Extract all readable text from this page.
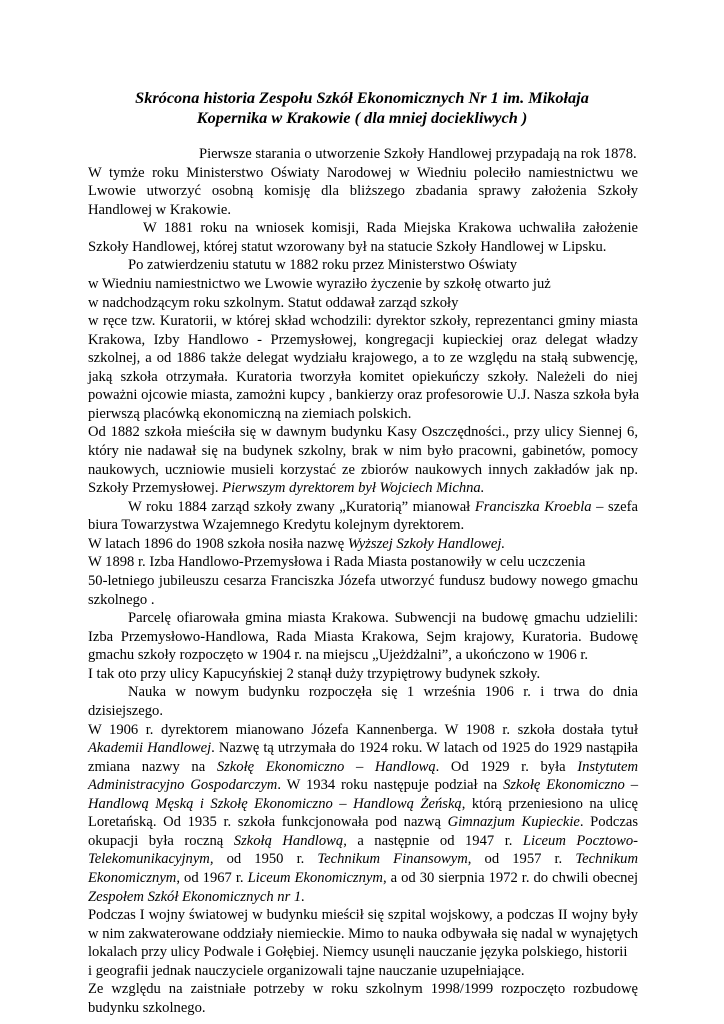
Skrócona historia Zespołu Szkół Ekonomicznych Nr 1 im. Mikołaja
Kopernika w Krakowie ( dla mniej dociekliwych )
Pierwsze starania o utworzenie Szkoły Handlowej przypadają na rok 1878.
W tymże roku Ministerstwo Oświaty Narodowej w Wiedniu poleciło namiestnictwu we
Lwowie utworzyć osobną komisję dla bliższego zbadania sprawy założenia Szkoły
Handlowej w Krakowie.
W 1881 roku na wniosek komisji, Rada Miejska Krakowa uchwaliła założenie
Szkoły Handlowej, której statut wzorowany był na statucie Szkoły Handlowej w Lipsku.
Po zatwierdzeniu statutu w 1882 roku przez Ministerstwo Oświaty
w Wiedniu namiestnictwo we Lwowie wyraziło życzenie by szkołę otwarto już
w nadchodzącym roku szkolnym. Statut oddawał zarząd szkoły
w ręce tzw. Kuratorii, w której skład wchodzili: dyrektor szkoły, reprezentanci gminy miasta
Krakowa, Izby Handlowo - Przemysłowej, kongregacji kupieckiej oraz delegat władzy
szkolnej, a od 1886 także delegat wydziału krajowego, a to ze względu na stałą subwencję,
jaką szkoła otrzymała. Kuratoria tworzyła komitet opiekuńczy szkoły. Należeli do niej
poważni ojcowie miasta, zamożni kupcy , bankierzy oraz profesorowie U.J. Nasza szkoła była
pierwszą placówką ekonomiczną na ziemiach polskich.
Od 1882 szkoła mieściła się w dawnym budynku Kasy Oszczędności., przy ulicy Siennej 6,
który nie nadawał się na budynek szkolny, brak w nim było pracowni, gabinetów, pomocy
naukowych, uczniowie musieli korzystać ze zbiorów naukowych innych zakładów jak np.
Szkoły Przemysłowej. Pierwszym dyrektorem był Wojciech Michna.
W roku 1884 zarząd szkoły zwany „Kuratorią” mianował Franciszka Kroebla – szefa
biura Towarzystwa Wzajemnego Kredytu kolejnym dyrektorem.
W latach 1896 do 1908 szkoła nosiła nazwę Wyższej Szkoły Handlowej.
W 1898 r. Izba Handlowo-Przemysłowa i Rada Miasta postanowiły w celu uczczenia
50-letniego jubileuszu cesarza Franciszka Józefa utworzyć fundusz budowy nowego gmachu
szkolnego .
Parcelę ofiarowała gmina miasta Krakowa. Subwencji na budowę gmachu udzielili:
Izba Przemysłowo-Handlowa, Rada Miasta Krakowa, Sejm krajowy, Kuratoria. Budowę
gmachu szkoły rozpoczęto w 1904 r. na miejscu „Ujeżdżalni”, a ukończono w 1906 r.
I tak oto przy ulicy Kapucyńskiej 2 stanął duży trzypiętrowy budynek szkoły.
Nauka w nowym budynku rozpoczęła się 1 września 1906 r. i trwa do dnia
dzisiejszego.
W 1906 r. dyrektorem mianowano Józefa Kannenberga. W 1908 r. szkoła dostała tytuł
Akademii Handlowej. Nazwę tą utrzymała do 1924 roku. W latach od 1925 do 1929 nastąpiła
zmiana nazwy na Szkołę Ekonomiczno – Handlową. Od 1929 r. była Instytutem
Administracyjno Gospodarczym. W 1934 roku następuje podział na Szkołę Ekonomiczno –
Handlową Męską i Szkołę Ekonomiczno – Handlową Żeńską, którą przeniesiono na ulicę
Loretańską. Od 1935 r. szkoła funkcjonowała pod nazwą Gimnazjum Kupieckie. Podczas
okupacji była roczną Szkołą Handlową, a następnie od 1947 r. Liceum Pocztowo-
Telekomunikacyjnym, od 1950 r. Technikum Finansowym, od 1957 r. Technikum
Ekonomicznym, od 1967 r. Liceum Ekonomicznym, a od 30 sierpnia 1972 r. do chwili obecnej
Zespołem Szkół Ekonomicznych nr 1.
Podczas I wojny światowej w budynku mieścił się szpital wojskowy, a podczas II wojny były
w nim zakwaterowane oddziały niemieckie. Mimo to nauka odbywała się nadal w wynajętych
lokalach przy ulicy Podwale i Gołębiej. Niemcy usunęli nauczanie języka polskiego, historii
i geografii jednak nauczyciele organizowali tajne nauczanie uzupełniające.
Ze względu na zaistniałe potrzeby w roku szkolnym 1998/1999 rozpoczęto rozbudowę
budynku szkolnego.
